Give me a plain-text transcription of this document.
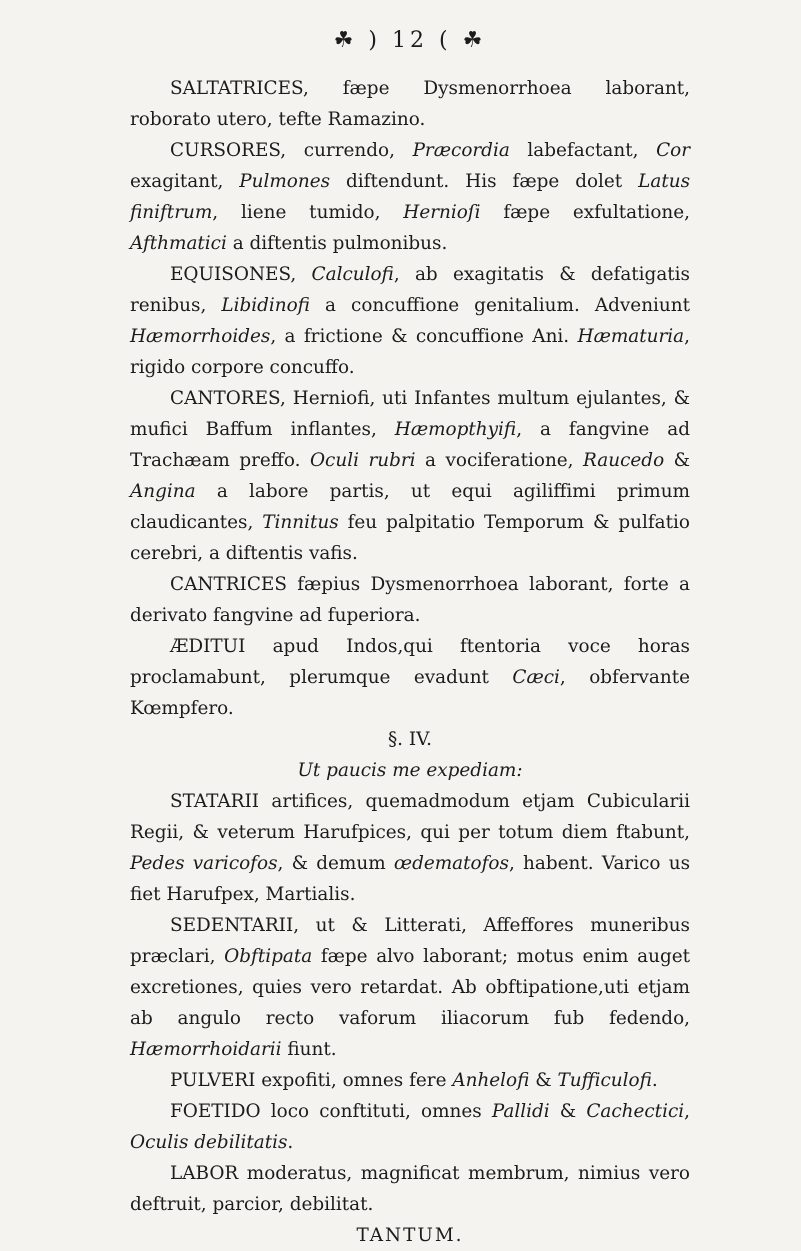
☘ ) 12 ( ☘

SALTATRICES, fæpe Dysmenorrhoea laborant, roborato utero, tefte Ramazino.

CURSORES, currendo, Præcordia labefactant, Cor exagitant, Pulmones diftendunt. His fæpe dolet Latus finiftrum, liene tumido, Hernioſi fæpe exfultatione, Afthmatici a diftentis pulmonibus.

EQUISONES, Calculofi, ab exagitatis & defatigatis renibus, Libidinofi a concuffione genitalium. Adveniunt Hæmorrhoides, a frictione & concuffione Ani. Hæmaturia, rigido corpore concuffo.

CANTORES, Herniofi, uti Infantes multum ejulantes, & mufici Baffum inflantes, Hæmopthyifi, a fangvine ad Trachæam preffo. Oculi rubri a vociferatione, Raucedo & Angina a labore partis, ut equi agiliffimi primum claudicantes, Tinnitus feu palpitatio Temporum & pulfatio cerebri, a diftentis vafis.

CANTRICES fæpius Dysmenorrhoea laborant, forte a derivato fangvine ad fuperiora.

ÆDITUI apud Indos,qui ftentoria voce horas proclamabunt, plerumque evadunt Cæci, obfervante Kœmpfero.

§. IV.

Ut paucis me expediam:

STATARII artifices, quemadmodum etjam Cubicularii Regii, & veterum Harufpices, qui per totum diem ftabunt, Pedes varicofos, & demum œdematofos, habent. Varico us fiet Harufpex, Martialis.

SEDENTARII, ut & Litterati, Affeffores muneribus præclari, Obftipata fæpe alvo laborant; motus enim auget excretiones, quies vero retardat. Ab obftipatione,uti etjam ab angulo recto vaforum iliacorum fub fedendo, Hæmorrhoidarii fiunt.

PULVERI expofiti, omnes fere Anhelofi & Tufficulofi.

FOETIDO loco conftituti, omnes Pallidi & Cachectici, Oculis debilitatis.

LABOR moderatus, magnificat membrum, nimius vero deftruit, parcior, debilitat.

TANTUM.
